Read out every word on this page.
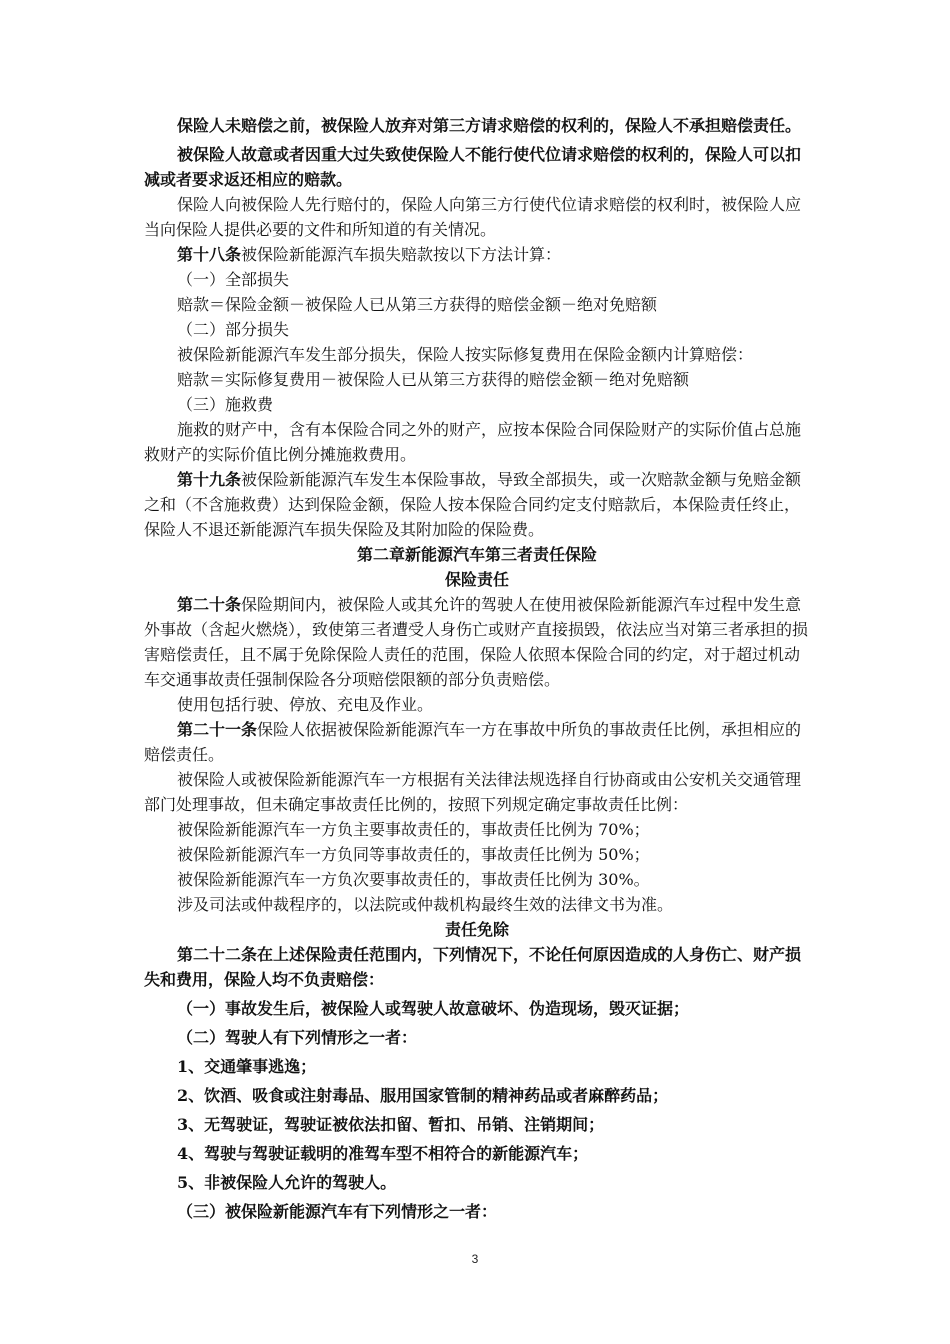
保险人未赔偿之前，被保险人放弃对第三方请求赔偿的权利的，保险人不承担赔偿责任。

被保险人故意或者因重大过失致使保险人不能行使代位请求赔偿的权利的，保险人可以扣减或者要求返还相应的赔款。

保险人向被保险人先行赔付的，保险人向第三方行使代位请求赔偿的权利时，被保险人应当向保险人提供必要的文件和所知道的有关情况。

第十八条被保险新能源汽车损失赔款按以下方法计算：

（一）全部损失

赔款＝保险金额－被保险人已从第三方获得的赔偿金额－绝对免赔额

（二）部分损失

被保险新能源汽车发生部分损失，保险人按实际修复费用在保险金额内计算赔偿：

赔款＝实际修复费用－被保险人已从第三方获得的赔偿金额－绝对免赔额

（三）施救费

施救的财产中，含有本保险合同之外的财产，应按本保险合同保险财产的实际价值占总施救财产的实际价值比例分摊施救费用。

第十九条被保险新能源汽车发生本保险事故，导致全部损失，或一次赔款金额与免赔金额之和（不含施救费）达到保险金额，保险人按本保险合同约定支付赔款后，本保险责任终止，保险人不退还新能源汽车损失保险及其附加险的保险费。

第二章新能源汽车第三者责任保险

保险责任

第二十条保险期间内，被保险人或其允许的驾驶人在使用被保险新能源汽车过程中发生意外事故（含起火燃烧），致使第三者遭受人身伤亡或财产直接损毁，依法应当对第三者承担的损害赔偿责任，且不属于免除保险人责任的范围，保险人依照本保险合同的约定，对于超过机动车交通事故责任强制保险各分项赔偿限额的部分负责赔偿。

使用包括行驶、停放、充电及作业。

第二十一条保险人依据被保险新能源汽车一方在事故中所负的事故责任比例，承担相应的赔偿责任。

被保险人或被保险新能源汽车一方根据有关法律法规选择自行协商或由公安机关交通管理部门处理事故，但未确定事故责任比例的，按照下列规定确定事故责任比例：

被保险新能源汽车一方负主要事故责任的，事故责任比例为 70%；

被保险新能源汽车一方负同等事故责任的，事故责任比例为 50%；

被保险新能源汽车一方负次要事故责任的，事故责任比例为 30%。

涉及司法或仲裁程序的，以法院或仲裁机构最终生效的法律文书为准。

责任免除

第二十二条在上述保险责任范围内，下列情况下，不论任何原因造成的人身伤亡、财产损失和费用，保险人均不负责赔偿：

（一）事故发生后，被保险人或驾驶人故意破坏、伪造现场，毁灭证据；

（二）驾驶人有下列情形之一者：

1、交通肇事逃逸；

2、饮酒、吸食或注射毒品、服用国家管制的精神药品或者麻醉药品；

3、无驾驶证，驾驶证被依法扣留、暂扣、吊销、注销期间；

4、驾驶与驾驶证载明的准驾车型不相符合的新能源汽车；

5、非被保险人允许的驾驶人。

（三）被保险新能源汽车有下列情形之一者：

3
